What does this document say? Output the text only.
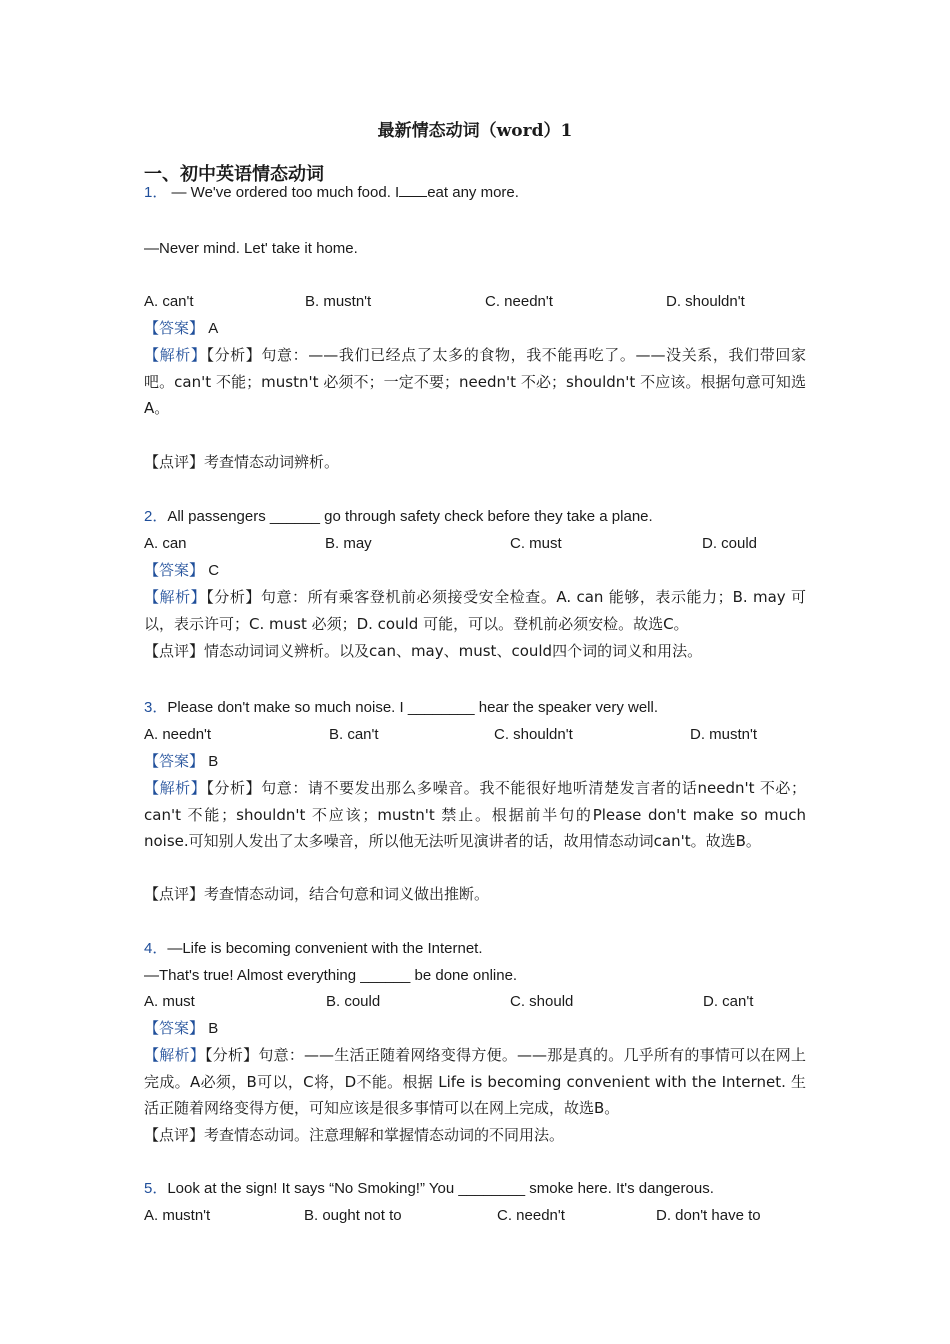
最新情态动词（word）1
一、初中英语情态动词
1． — We've ordered too much food. I eat any more.
—Never mind. Let' take it home.
A. can't	B. mustn't	C. needn't	D. shouldn't
【答案】 A
【解析】【分析】句意：——我们已经点了太多的食物，我不能再吃了。——没关系，我们带回家吧。can't 不能；mustn't 必须不；一定不要；needn't 不必；shouldn't 不应该。根据句意可知选A。
【点评】考查情态动词辨析。
2．All passengers ______ go through safety check before they take a plane.
A. can	B. may	C. must	D. could
【答案】 C
【解析】【分析】句意：所有乘客登机前必须接受安全检查。A. can 能够，表示能力；B. may 可以，表示许可；C. must 必须；D. could 可能，可以。登机前必须安检。故选C。
【点评】情态动词词义辨析。以及can、may、must、could四个词的词义和用法。
3．Please don't make so much noise. I ________ hear the speaker very well.
A. needn't	B. can't	C. shouldn't	D. mustn't
【答案】 B
【解析】【分析】句意：请不要发出那么多噪音。我不能很好地听清楚发言者的话needn't 不必；can't 不能；shouldn't 不应该；mustn't 禁止。根据前半句的Please don't make so much noise.可知别人发出了太多噪音，所以他无法听见演讲者的话，故用情态动词can't。故选B。
【点评】考查情态动词，结合句意和词义做出推断。
4．—Life is becoming convenient with the Internet.
—That's true! Almost everything ______ be done online.
A. must	B. could	C. should	D. can't
【答案】 B
【解析】【分析】句意：——生活正随着网络变得方便。——那是真的。几乎所有的事情可以在网上完成。A必须，B可以，C将，D不能。根据 Life is becoming convenient with the Internet. 生活正随着网络变得方便，可知应该是很多事情可以在网上完成，故选B。
【点评】考查情态动词。注意理解和掌握情态动词的不同用法。
5．Look at the sign! It says “No Smoking!” You ________ smoke here. It's dangerous.
A. mustn't	B. ought not to	C. needn't	D. don't have to
